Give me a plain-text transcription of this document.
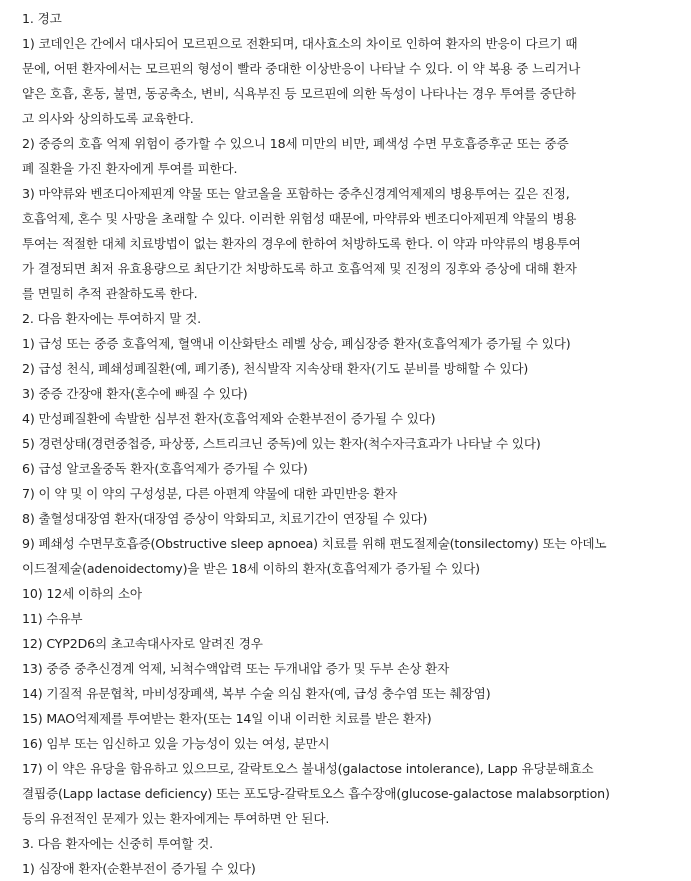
1. 경고
1) 코데인은 간에서 대사되어 모르핀으로 전환되며, 대사효소의 차이로 인하여 환자의 반응이 다르기 때
문에, 어떤 환자에서는 모르핀의 형성이 빨라 중대한 이상반응이 나타날 수 있다. 이 약 복용 중 느리거나
얕은 호흡, 혼동, 불면, 동공축소, 변비, 식욕부진 등 모르핀에 의한 독성이 나타나는 경우 투여를 중단하
고 의사와 상의하도록 교육한다.
2) 중증의 호흡 억제 위험이 증가할 수 있으니 18세 미만의 비만, 폐색성 수면 무호흡증후군 또는 중증
폐 질환을 가진 환자에게 투여를 피한다.
3) 마약류와 벤조디아제핀계 약물 또는 알코올을 포함하는 중추신경계억제제의 병용투여는 깊은 진정,
호흡억제, 혼수 및 사망을 초래할 수 있다. 이러한 위험성 때문에, 마약류와 벤조디아제핀계 약물의 병용
투여는 적절한 대체 치료방법이 없는 환자의 경우에 한하여 처방하도록 한다. 이 약과 마약류의 병용투여
가 결정되면 최저 유효용량으로 최단기간 처방하도록 하고 호흡억제 및 진정의 징후와 증상에 대해 환자
를 면밀히 추적 관찰하도록 한다.
2. 다음 환자에는 투여하지 말 것.
1) 급성 또는 중증 호흡억제, 혈액내 이산화탄소 레벨 상승, 폐심장증 환자(호흡억제가 증가될 수 있다)
2) 급성 천식, 폐쇄성폐질환(예, 폐기종), 천식발작 지속상태 환자(기도 분비를 방해할 수 있다)
3) 중증 간장애 환자(혼수에 빠질 수 있다)
4) 만성폐질환에 속발한 심부전 환자(호흡억제와 순환부전이 증가될 수 있다)
5) 경련상태(경련중첩증, 파상풍, 스트리크닌 중독)에 있는 환자(척수자극효과가 나타날 수 있다)
6) 급성 알코올중독 환자(호흡억제가 증가될 수 있다)
7) 이 약 및 이 약의 구성성분, 다른 아편계 약물에 대한 과민반응 환자
8) 출혈성대장염 환자(대장염 증상이 악화되고, 치료기간이 연장될 수 있다)
9) 폐쇄성 수면무호흡증(Obstructive sleep apnoea) 치료를 위해 편도절제술(tonsilectomy) 또는 아데노
이드절제술(adenoidectomy)을 받은 18세 이하의 환자(호흡억제가 증가될 수 있다)
10) 12세 이하의 소아
11) 수유부
12) CYP2D6의 초고속대사자로 알려진 경우
13) 중증 중추신경계 억제, 뇌척수액압력 또는 두개내압 증가 및 두부 손상 환자
14) 기질적 유문협착, 마비성장폐색, 복부 수술 의심 환자(예, 급성 충수염 또는 췌장염)
15) MAO억제제를 투여받는 환자(또는 14일 이내 이러한 치료를 받은 환자)
16) 임부 또는 임신하고 있을 가능성이 있는 여성, 분만시
17) 이 약은 유당을 함유하고 있으므로, 갈락토오스 불내성(galactose intolerance), Lapp 유당분해효소
결핍증(Lapp lactase deficiency) 또는 포도당-갈락토오스 흡수장애(glucose-galactose malabsorption)
등의 유전적인 문제가 있는 환자에게는 투여하면 안 된다.
3. 다음 환자에는 신중히 투여할 것.
1) 심장애 환자(순환부전이 증가될 수 있다)
